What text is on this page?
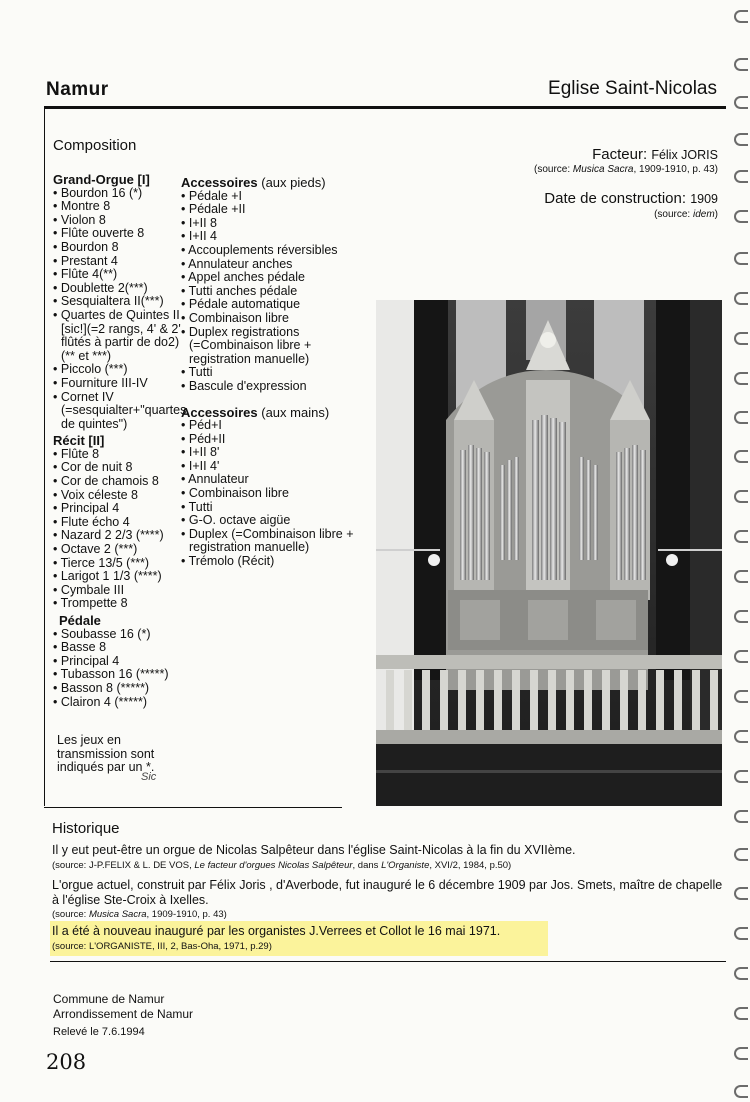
Namur	Eglise Saint-Nicolas
Composition
Grand-Orgue [I]
• Bourdon 16 (*)
• Montre 8
• Violon 8
• Flûte ouverte 8
• Bourdon 8
• Prestant 4
• Flûte 4(**)
• Doublette 2(***)
• Sesquialtera II(***)
• Quartes de Quintes II [sic!](=2 rangs, 4' & 2' flûtés à partir de do2) (** et ***)
• Piccolo (***)
• Fourniture III-IV
• Cornet IV (=sesquialter+"quartes de quintes")
Récit [II]
• Flûte 8
• Cor de nuit 8
• Cor de chamois 8
• Voix céleste 8
• Principal 4
• Flute écho 4
• Nazard 2 2/3 (****)
• Octave 2 (***)
• Tierce 13/5 (***)
• Larigot 1 1/3 (****)
• Cymbale III
• Trompette 8
Pédale
• Soubasse 16 (*)
• Basse 8
• Principal 4
• Tubasson 16 (*****)
• Basson 8 (*****)
• Clairon 4 (*****)
Les jeux en transmission sont indiqués par un *.
Sic
Accessoires (aux pieds)
• Pédale +I
• Pédale +II
• I+II 8
• I+II 4
• Accouplements réversibles
• Annulateur anches
• Appel anches pédale
• Tutti anches pédale
• Pédale automatique
• Combinaison libre
• Duplex registrations (=Combinaison libre + registration manuelle)
• Tutti
• Bascule d'expression
Accessoires (aux mains)
• Péd+I
• Péd+II
• I+II 8'
• I+II 4'
• Annulateur
• Combinaison libre
• Tutti
• G-O. octave aigüe
• Duplex (=Combinaison libre + registration manuelle)
• Trémolo (Récit)
Facteur: Félix JORIS
(source: Musica Sacra, 1909-1910, p. 43)
Date de construction: 1909
(source: idem)
Historique
Il y eut peut-être un orgue de Nicolas Salpêteur dans l'église Saint-Nicolas à la fin du XVIIème.
(source: J-P.FELIX & L. DE VOS, Le facteur d'orgues Nicolas Salpêteur, dans L'Organiste, XVI/2, 1984, p.50)
L'orgue actuel, construit par Félix Joris , d'Averbode, fut inauguré le 6 décembre 1909 par Jos. Smets, maître de chapelle à l'église Ste-Croix à Ixelles.
(source: Musica Sacra, 1909-1910, p. 43)
Il a été à nouveau inauguré par les organistes J.Verrees et Collot le 16 mai 1971.
(source: L'ORGANISTE, III, 2, Bas-Oha, 1971, p.29)
Commune de Namur
Arrondissement de Namur
Relevé le 7.6.1994
208
